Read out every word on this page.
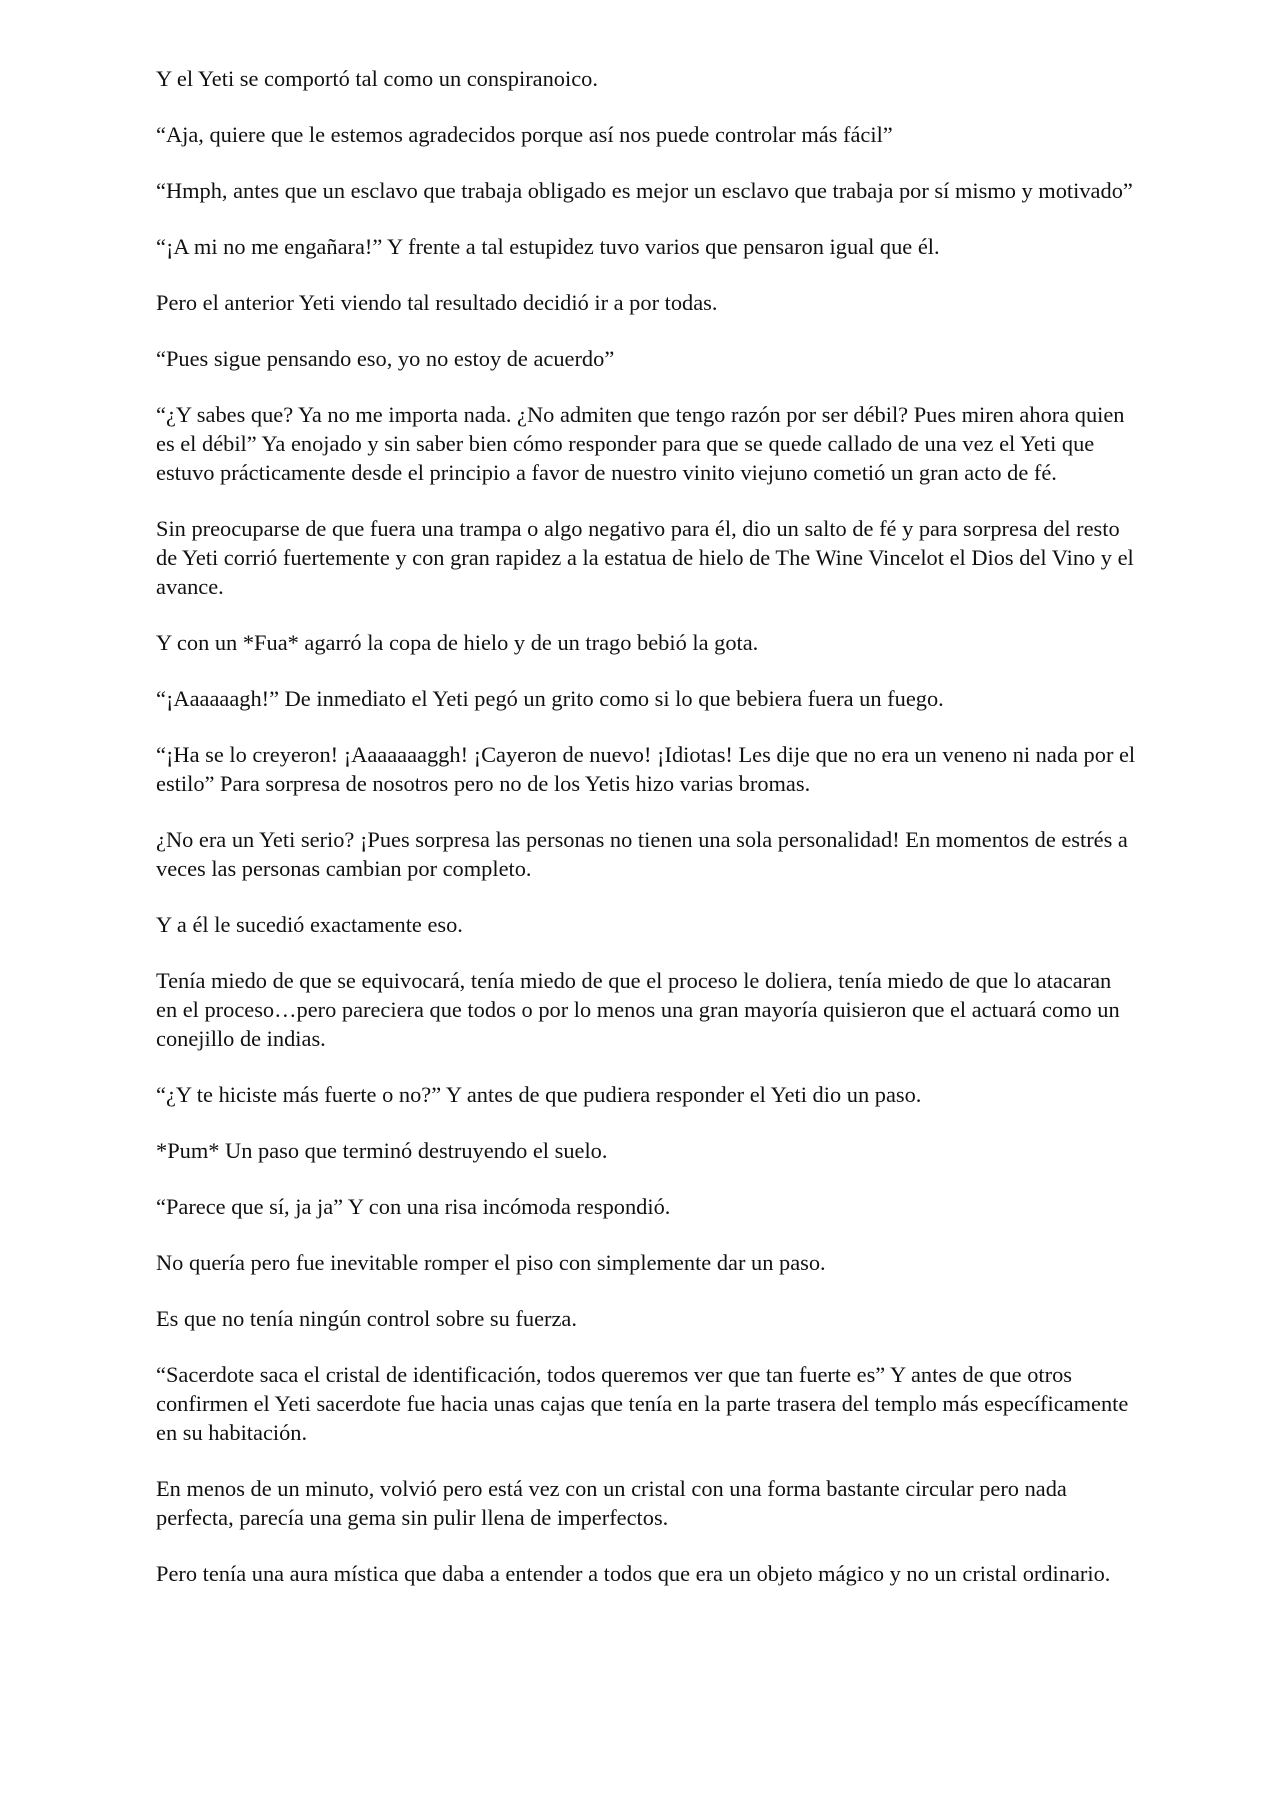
Y el Yeti se comportó tal como un conspiranoico.

“Aja, quiere que le estemos agradecidos porque así nos puede controlar más fácil”

“Hmph, antes que un esclavo que trabaja obligado es mejor un esclavo que trabaja por sí mismo y motivado”

“¡A mi no me engañara!” Y frente a tal estupidez tuvo varios que pensaron igual que él.

Pero el anterior Yeti viendo tal resultado decidió ir a por todas.

“Pues sigue pensando eso, yo no estoy de acuerdo”

“¿Y sabes que? Ya no me importa nada. ¿No admiten que tengo razón por ser débil? Pues miren ahora quien es el débil” Ya enojado y sin saber bien cómo responder para que se quede callado de una vez el Yeti que estuvo prácticamente desde el principio a favor de nuestro vinito viejuno cometió un gran acto de fé.

Sin preocuparse de que fuera una trampa o algo negativo para él, dio un salto de fé y para sorpresa del resto de Yeti corrió fuertemente y con gran rapidez a la estatua de hielo de The Wine Vincelot el Dios del Vino y el avance.

Y con un *Fua* agarró la copa de hielo y de un trago bebió la gota.

“¡Aaaaaagh!” De inmediato el Yeti pegó un grito como si lo que bebiera fuera un fuego.

“¡Ha se lo creyeron! ¡Aaaaaaaggh! ¡Cayeron de nuevo! ¡Idiotas! Les dije que no era un veneno ni nada por el estilo” Para sorpresa de nosotros pero no de los Yetis hizo varias bromas.

¿No era un Yeti serio? ¡Pues sorpresa las personas no tienen una sola personalidad! En momentos de estrés a veces las personas cambian por completo.

Y a él le sucedió exactamente eso.

Tenía miedo de que se equivocará, tenía miedo de que el proceso le doliera, tenía miedo de que lo atacaran en el proceso…pero pareciera que todos o por lo menos una gran mayoría quisieron que el actuará como un conejillo de indias.

“¿Y te hiciste más fuerte o no?” Y antes de que pudiera responder el Yeti dio un paso.

*Pum* Un paso que terminó destruyendo el suelo.

“Parece que sí, ja ja” Y con una risa incómoda respondió.

No quería pero fue inevitable romper el piso con simplemente dar un paso.

Es que no tenía ningún control sobre su fuerza.

“Sacerdote saca el cristal de identificación, todos queremos ver que tan fuerte es” Y antes de que otros confirmen el Yeti sacerdote fue hacia unas cajas que tenía en la parte trasera del templo más específicamente en su habitación.

En menos de un minuto, volvió pero está vez con un cristal con una forma bastante circular pero nada perfecta, parecía una gema sin pulir llena de imperfectos.

Pero tenía una aura mística que daba a entender a todos que era un objeto mágico y no un cristal ordinario.
